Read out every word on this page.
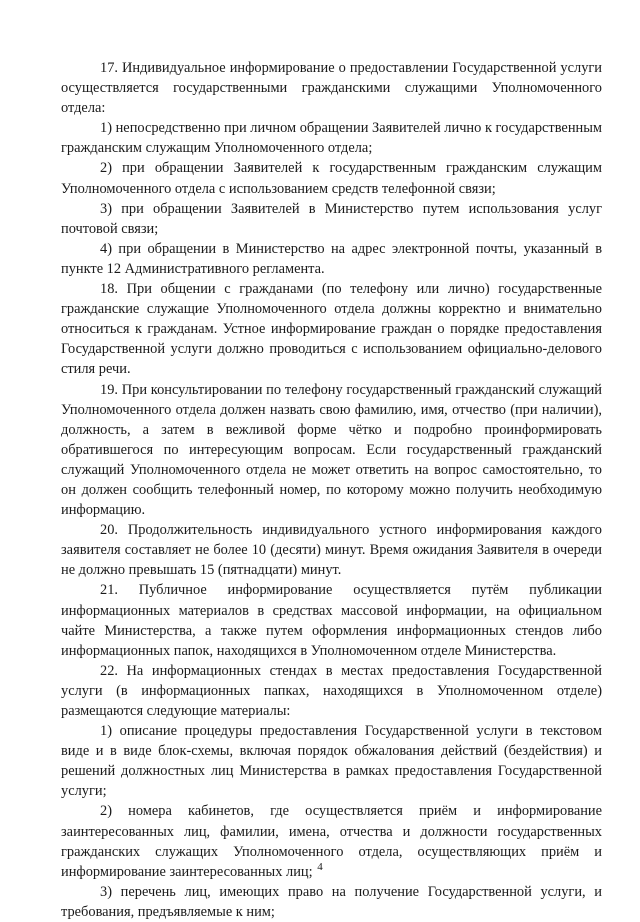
17. Индивидуальное информирование о предоставлении Государственной услуги осуществляется государственными гражданскими служащими Уполномоченного отдела:

1) непосредственно при личном обращении Заявителей лично к государственным гражданским служащим Уполномоченного отдела;

2) при обращении Заявителей к государственным гражданским служащим Уполномоченного отдела с использованием средств телефонной связи;

3) при обращении Заявителей в Министерство путем использования услуг почтовой связи;

4) при обращении в Министерство на адрес электронной почты, указанный в пункте 12 Административного регламента.

18. При общении с гражданами (по телефону или лично) государственные гражданские служащие Уполномоченного отдела должны корректно и внимательно относиться к гражданам. Устное информирование граждан о порядке предоставления Государственной услуги должно проводиться с использованием официально-делового стиля речи.

19. При консультировании по телефону государственный гражданский служащий Уполномоченного отдела должен назвать свою фамилию, имя, отчество (при наличии), должность, а затем в вежливой форме чётко и подробно проинформировать обратившегося по интересующим вопросам. Если государственный гражданский служащий Уполномоченного отдела не может ответить на вопрос самостоятельно, то он должен сообщить телефонный номер, по которому можно получить необходимую информацию.

20. Продолжительность индивидуального устного информирования каждого заявителя составляет не более 10 (десяти) минут. Время ожидания Заявителя в очереди не должно превышать 15 (пятнадцати) минут.

21. Публичное информирование осуществляется путём публикации информационных материалов в средствах массовой информации, на официальном чайте Министерства, а также путем оформления информационных стендов либо информационных папок, находящихся в Уполномоченном отделе Министерства.

22. На информационных стендах в местах предоставления Государственной услуги (в информационных папках, находящихся в Уполномоченном отделе) размещаются следующие материалы:

1) описание процедуры предоставления Государственной услуги в текстовом виде и в виде блок-схемы, включая порядок обжалования действий (бездействия) и решений должностных лиц Министерства в рамках предоставления Государственной услуги;

2) номера кабинетов, где осуществляется приём и информирование заинтересованных лиц, фамилии, имена, отчества и должности государственных гражданских служащих Уполномоченного отдела, осуществляющих приём и информирование заинтересованных лиц;

3) перечень лиц, имеющих право на получение Государственной услуги, и требования, предъявляемые к ним;

4
